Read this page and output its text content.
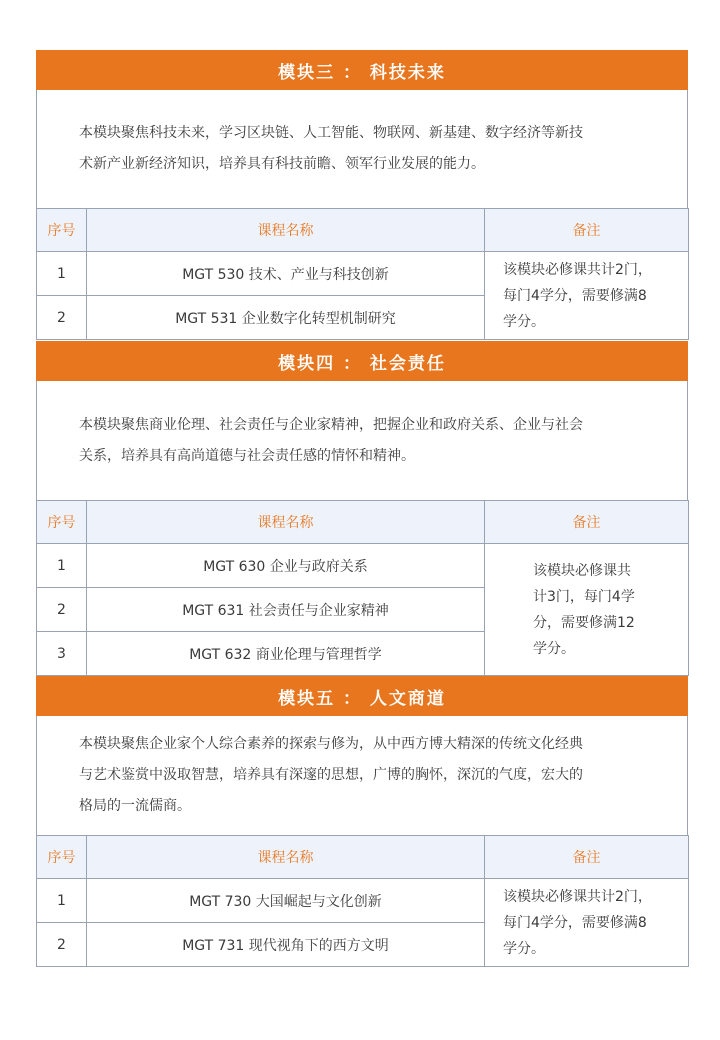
模块三 ： 科技未来
本模块聚焦科技未来，学习区块链、人工智能、物联网、新基建、数字经济等新技
术新产业新经济知识，培养具有科技前瞻、领军行业发展的能力。
序号	课程名称	备注
1	MGT 530 技术、产业与科技创新	该模块必修课共计2门，
每门4学分，需要修满8
学分。

2	MGT 531 企业数字化转型机制研究	
模块四 ： 社会责任
本模块聚焦商业伦理、社会责任与企业家精神，把握企业和政府关系、企业与社会
关系，培养具有高尚道德与社会责任感的情怀和精神。
序号	课程名称	备注
1	MGT 630 企业与政府关系	该模块必修课共
计3门，每门4学
分，需要修满12
学分。

2	MGT 631 社会责任与企业家精神	
3	MGT 632 商业伦理与管理哲学	
模块五 ： 人文商道
本模块聚焦企业家个人综合素养的探索与修为，从中西方博大精深的传统文化经典
与艺术鉴赏中汲取智慧，培养具有深邃的思想，广博的胸怀，深沉的气度，宏大的
格局的一流儒商。
序号	课程名称	备注
1	MGT 730 大国崛起与文化创新	该模块必修课共计2门，
每门4学分，需要修满8
学分。

2	MGT 731 现代视角下的西方文明	
